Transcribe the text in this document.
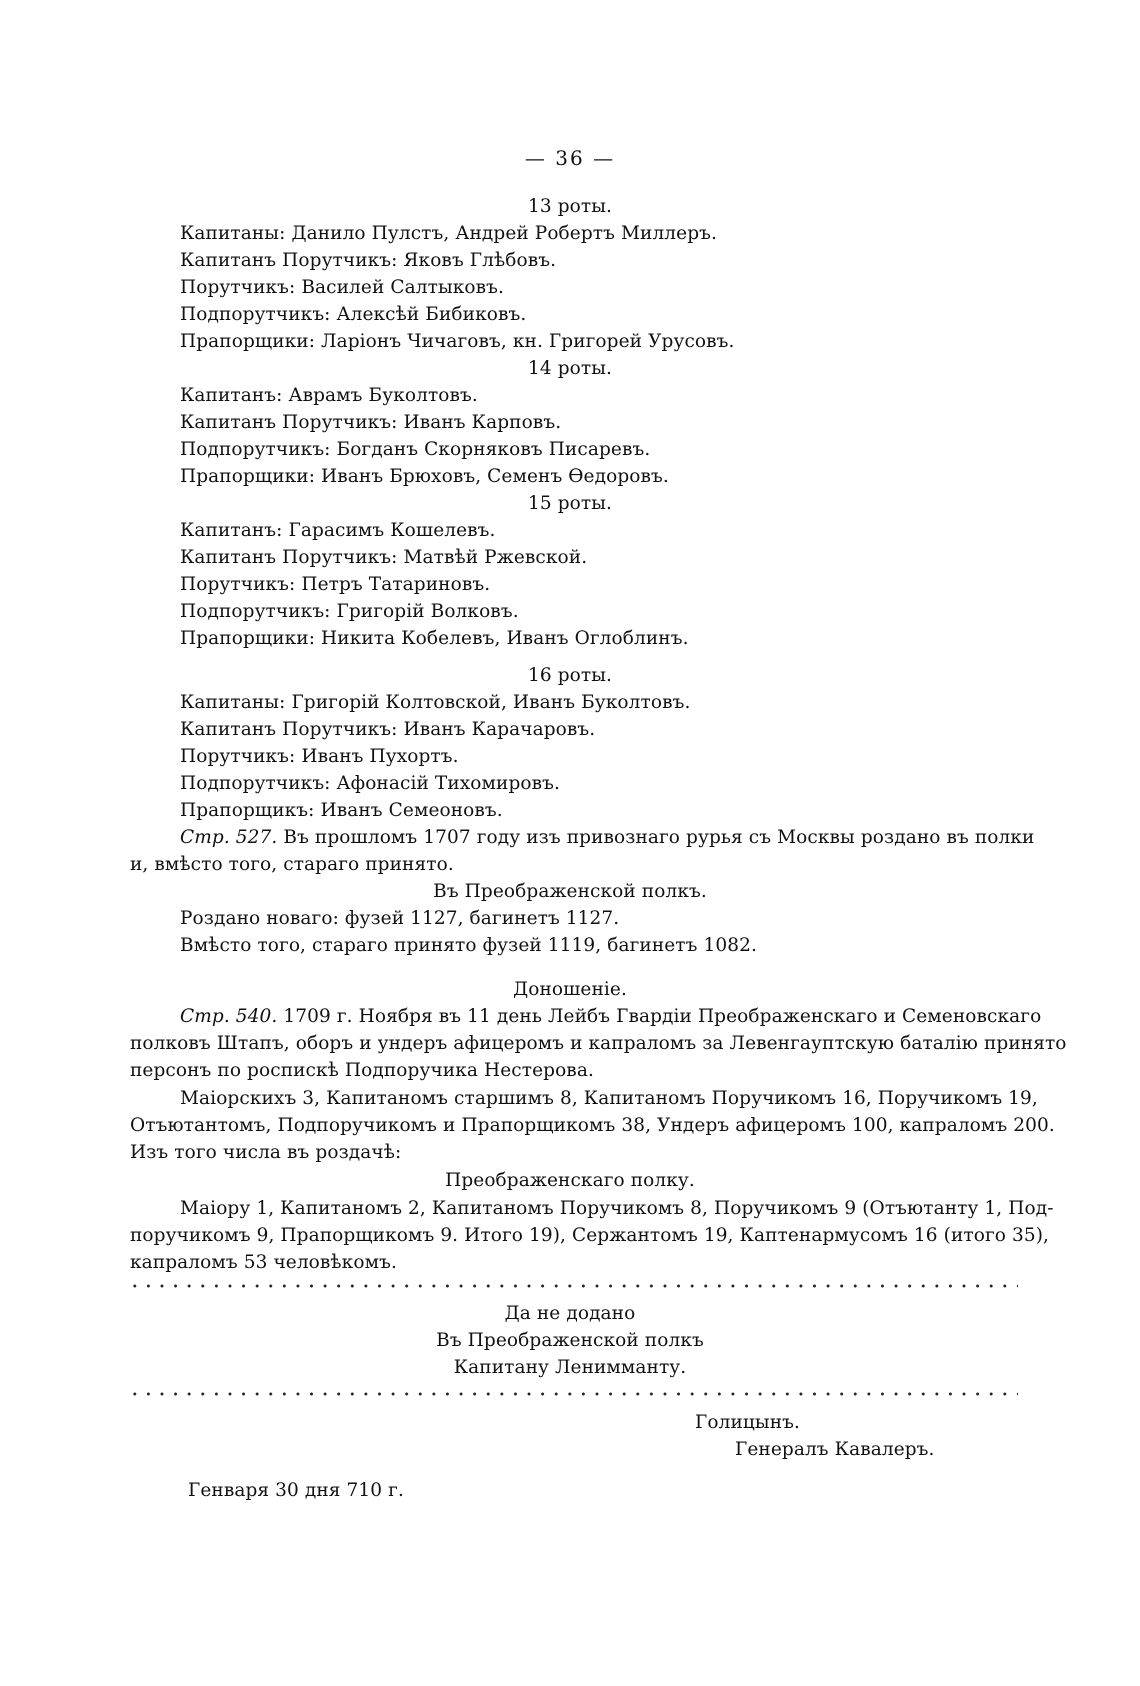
— 36 —
13 роты.
Капитаны: Данило Пулстъ, Андрей Робертъ Миллеръ.
Капитанъ Порутчикъ: Яковъ Глѣбовъ.
Порутчикъ: Василей Салтыковъ.
Подпорутчикъ: Алексѣй Бибиковъ.
Прапорщики: Ларіонъ Чичаговъ, кн. Григорей Урусовъ.
14 роты.
Капитанъ: Аврамъ Буколтовъ.
Капитанъ Порутчикъ: Иванъ Карповъ.
Подпорутчикъ: Богданъ Скорняковъ Писаревъ.
Прапорщики: Иванъ Брюховъ, Семенъ Өедоровъ.
15 роты.
Капитанъ: Гарасимъ Кошелевъ.
Капитанъ Порутчикъ: Матвѣй Ржевской.
Порутчикъ: Петръ Татариновъ.
Подпорутчикъ: Григорій Волковъ.
Прапорщики: Никита Кобелевъ, Иванъ Оглоблинъ.
16 роты.
Капитаны: Григорій Колтовской, Иванъ Буколтовъ.
Капитанъ Порутчикъ: Иванъ Карачаровъ.
Порутчикъ: Иванъ Пухортъ.
Подпорутчикъ: Афонасій Тихомировъ.
Прапорщикъ: Иванъ Семеоновъ.
Стр. 527. Въ прошломъ 1707 году изъ привознаго рурья съ Москвы роздано въ полки
и, вмѣсто того, стараго принято.
Въ Преображенской полкъ.
Роздано новаго: фузей 1127, багинетъ 1127.
Вмѣсто того, стараго принято фузей 1119, багинетъ 1082.
Доношеніе.
Стр. 540. 1709 г. Ноября въ 11 день Лейбъ Гвардіи Преображенскаго и Семеновскаго
полковъ Штапъ, оборъ и ундеръ афицеромъ и капраломъ за Левенгауптскую баталію принято
персонъ по роспискѣ Подпоручика Нестерова.
Маіорскихъ 3, Капитаномъ старшимъ 8, Капитаномъ Поручикомъ 16, Поручикомъ 19,
Отъютантомъ, Подпоручикомъ и Прапорщикомъ 38, Ундеръ афицеромъ 100, капраломъ 200.
Изъ того числа въ роздачѣ:
Преображенскаго полку.
Маіору 1, Капитаномъ 2, Капитаномъ Поручикомъ 8, Поручикомъ 9 (Отъютанту 1, Под-
поручикомъ 9, Прапорщикомъ 9. Итого 19), Сержантомъ 19, Каптенармусомъ 16 (итого 35),
капраломъ 53 человѣкомъ.
Да не додано
Въ Преображенской полкъ
Капитану Ленимманту.
Голицынъ.
Генералъ Кавалеръ.
Генваря 30 дня 710 г.
